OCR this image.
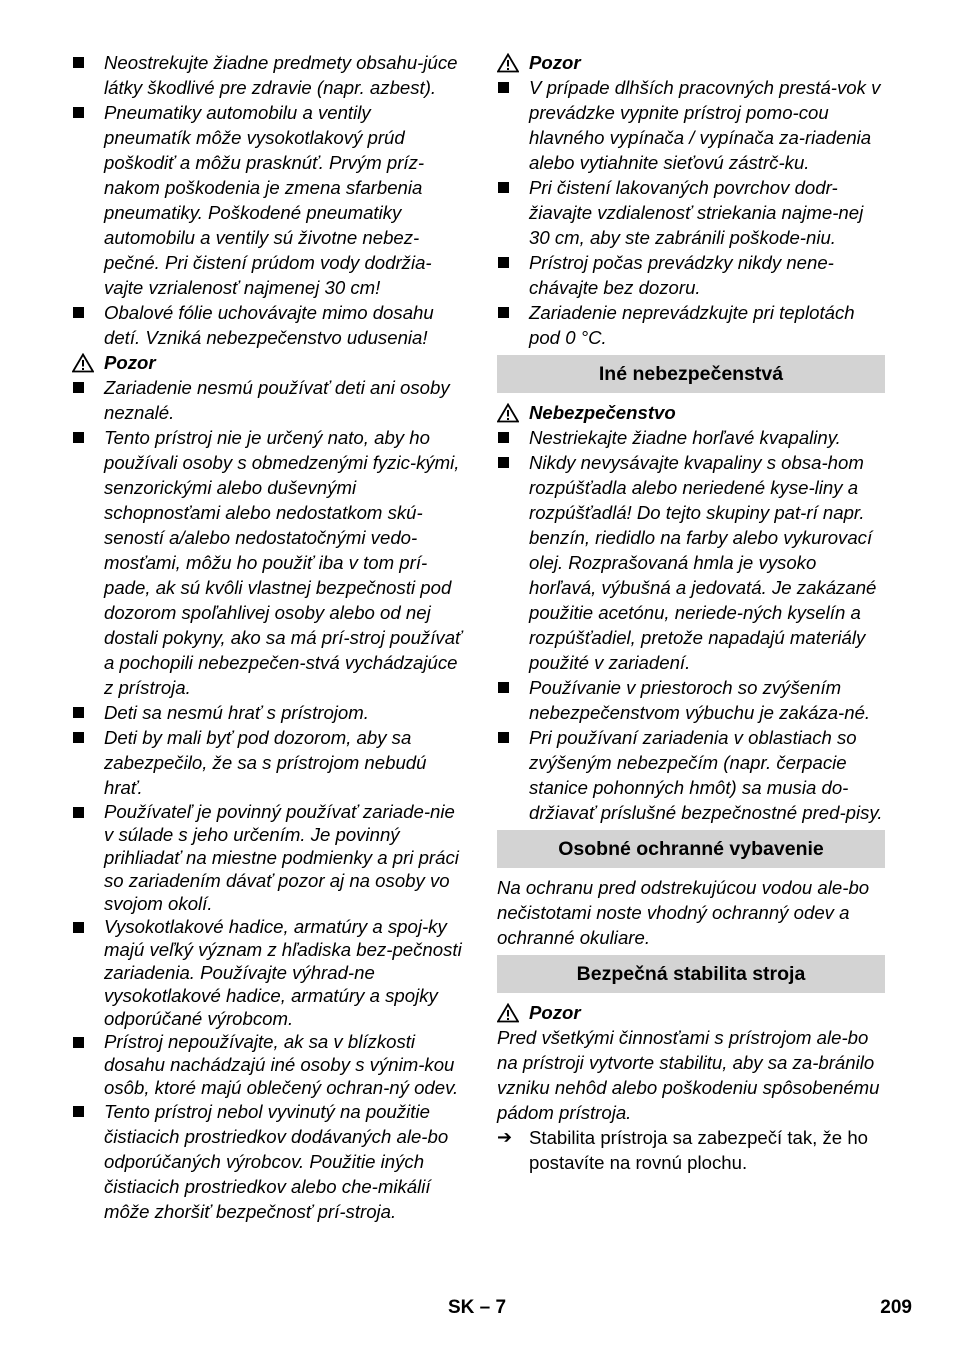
Neostrekujte žiadne predmety obsahu-júce látky škodlivé pre zdravie (napr. azbest).
Pneumatiky automobilu a ventily pneumatík môže vysokotlakový prúd poškodiť a môžu prasknúť. Prvým príz-nakom poškodenia je zmena sfarbenia pneumatiky. Poškodené pneumatiky automobilu a ventily sú životne nebez-pečné. Pri čistení prúdom vody dodržia-vajte vzrialenosť najmenej 30 cm!
Obalové fólie uchovávajte mimo dosahu detí. Vzniká nebezpečenstvo udusenia!
Pozor
Zariadenie nesmú používať deti ani osoby neznalé.
Tento prístroj nie je určený nato, aby ho používali osoby s obmedzenými fyzic-kými, senzorickými alebo duševnými schopnosťami alebo nedostatkom skú-seností a/alebo nedostatočnými vedo-mosťami, môžu ho použiť iba v tom prí-pade, ak sú kvôli vlastnej bezpečnosti pod dozorom spoľahlivej osoby alebo od nej dostali pokyny, ako sa má prí-stroj používať a pochopili nebezpečen-stvá vychádzajúce z prístroja.
Deti sa nesmú hrať s prístrojom.
Deti by mali byť pod dozorom, aby sa zabezpečilo, že sa s prístrojom nebudú hrať.
Používateľ je povinný používať zariade-nie v súlade s jeho určením. Je povinný prihliadať na miestne podmienky a pri práci so zariadením dávať pozor aj na osoby vo svojom okolí.
Vysokotlakové hadice, armatúry a spoj-ky majú veľký význam z hľadiska bez-pečnosti zariadenia. Používajte výhrad-ne vysokotlakové hadice, armatúry a spojky odporúčané výrobcom.
Prístroj nepoužívajte, ak sa v blízkosti dosahu nachádzajú iné osoby s výnim-kou osôb, ktoré majú oblečený ochran-ný odev.
Tento prístroj nebol vyvinutý na použitie čistiacich prostriedkov dodávaných ale-bo odporúčaných výrobcov. Použitie iných čistiacich prostriedkov alebo che-mikálií môže zhoršiť bezpečnosť prí-stroja.
Pozor
V prípade dlhších pracovných prestá-vok v prevádzke vypnite prístroj pomo-cou hlavného vypínača / vypínača za-riadenia alebo vytiahnite sieťovú zástrč-ku.
Pri čistení lakovaných povrchov dodr-žiavajte vzdialenosť striekania najme-nej 30 cm, aby ste zabránili poškode-niu.
Prístroj počas prevádzky nikdy nene-chávajte bez dozoru.
Zariadenie neprevádzkujte pri teplotách pod 0 °C.
Iné nebezpečenstvá
Nebezpečenstvo
Nestriekajte žiadne horľavé kvapaliny.
Nikdy nevysávajte kvapaliny s obsa-hom rozpúšťadla alebo neriedené kyse-liny a rozpúšťadlá! Do tejto skupiny pat-rí napr. benzín, riedidlo na farby alebo vykurovací olej. Rozprašovaná hmla je vysoko horľavá, výbušná a jedovatá. Je zakázané použitie acetónu, neriede-ných kyselín a rozpúšťadiel, pretože napadajú materiály použité v zariadení.
Používanie v priestoroch so zvýšením nebezpečenstvom výbuchu je zakáza-né.
Pri používaní zariadenia v oblastiach so zvýšeným nebezpečím (napr. čerpacie stanice pohonných hmôt) sa musia do-držiavať príslušné bezpečnostné pred-pisy.
Osobné ochranné vybavenie
Na ochranu pred odstrekujúcou vodou ale-bo nečistotami noste vhodný ochranný odev a ochranné okuliare.
Bezpečná stabilita stroja
Pozor
Pred všetkými činnosťami s prístrojom ale-bo na prístroji vytvorte stabilitu, aby sa za-bránilo vzniku nehôd alebo poškodeniu spôsobenému pádom prístroja.
➔ Stabilita prístroja sa zabezpečí tak, že ho postavíte na rovnú plochu.
SK – 7	209
